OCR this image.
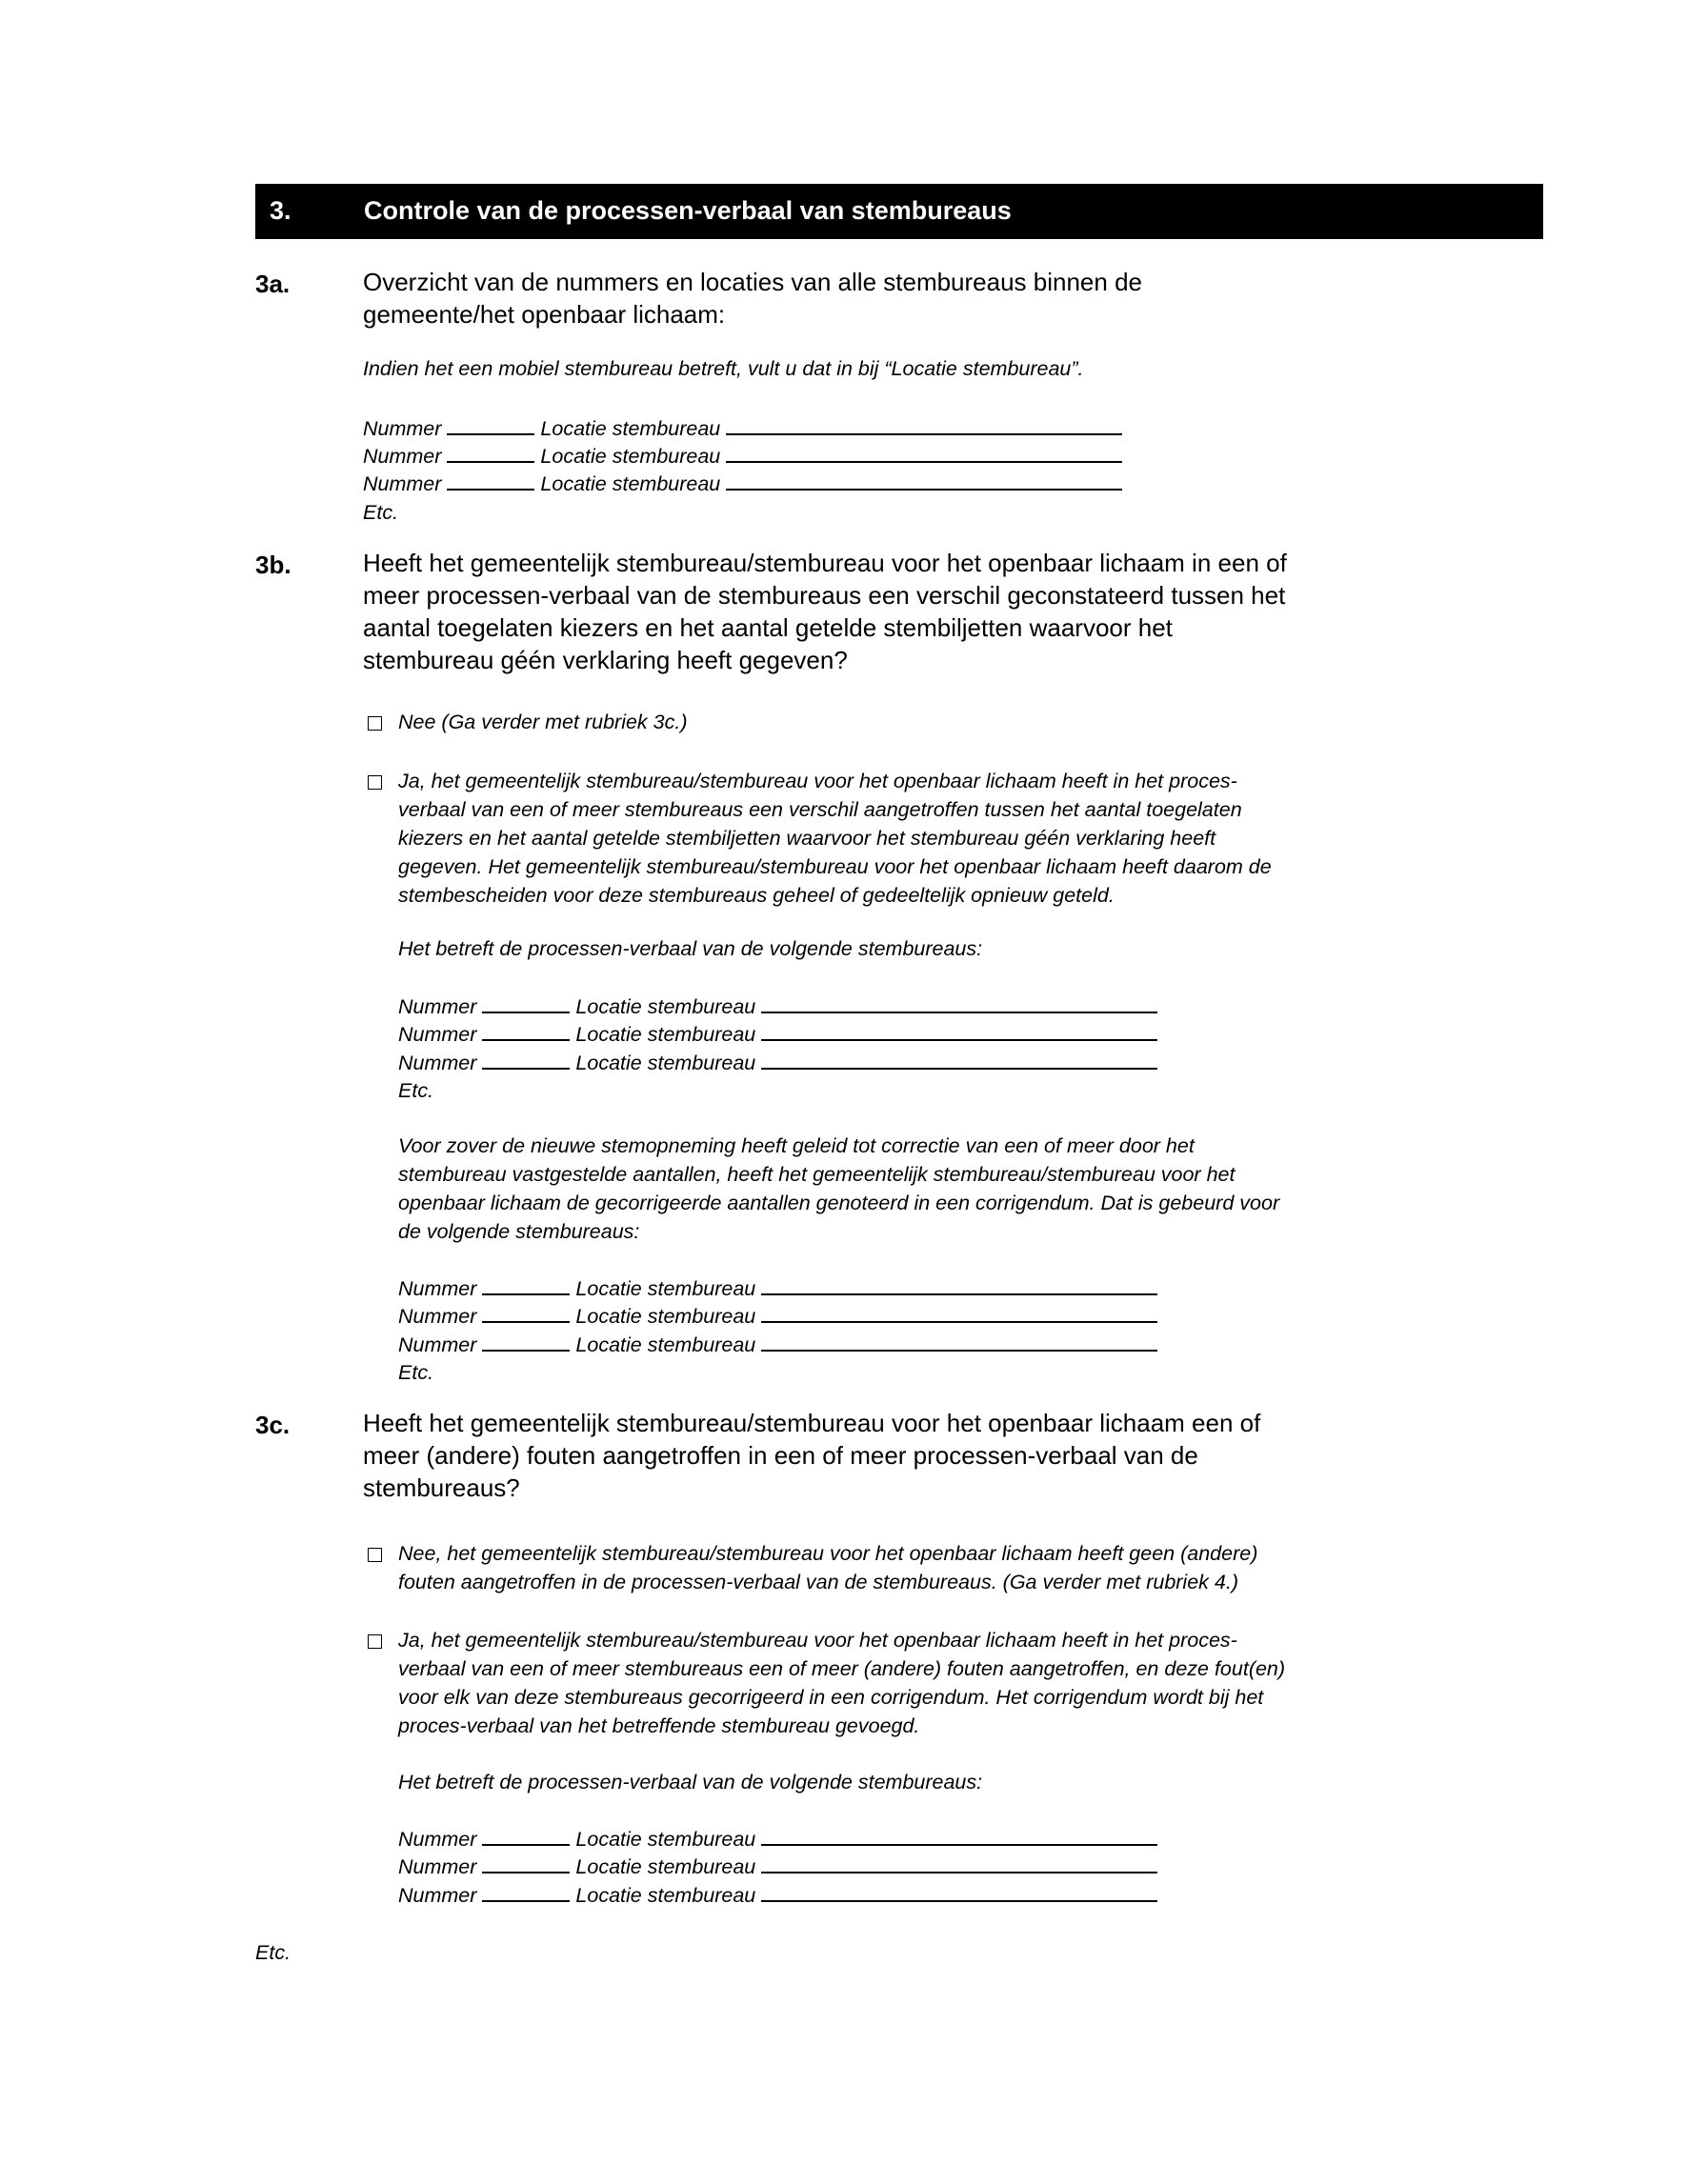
3.	Controle van de processen-verbaal van stembureaus
3a.	Overzicht van de nummers en locaties van alle stembureaus binnen de
gemeente/het openbaar lichaam:
Indien het een mobiel stembureau betreft, vult u dat in bij “Locatie stembureau”.
Nummer	Locatie stembureau
Nummer	Locatie stembureau
Nummer	Locatie stembureau
Etc.
3b.	Heeft het gemeentelijk stembureau/stembureau voor het openbaar lichaam in een of
meer processen-verbaal van de stembureaus een verschil geconstateerd tussen het
aantal toegelaten kiezers en het aantal getelde stembiljetten waarvoor het
stembureau géén verklaring heeft gegeven?
Nee (Ga verder met rubriek 3c.)
Ja, het gemeentelijk stembureau/stembureau voor het openbaar lichaam heeft in het proces-
verbaal van een of meer stembureaus een verschil aangetroffen tussen het aantal toegelaten
kiezers en het aantal getelde stembiljetten waarvoor het stembureau géén verklaring heeft
gegeven. Het gemeentelijk stembureau/stembureau voor het openbaar lichaam heeft daarom de
stembescheiden voor deze stembureaus geheel of gedeeltelijk opnieuw geteld.
Het betreft de processen-verbaal van de volgende stembureaus:
Nummer	Locatie stembureau
Nummer	Locatie stembureau
Nummer	Locatie stembureau
Etc.
Voor zover de nieuwe stemopneming heeft geleid tot correctie van een of meer door het
stembureau vastgestelde aantallen, heeft het gemeentelijk stembureau/stembureau voor het
openbaar lichaam de gecorrigeerde aantallen genoteerd in een corrigendum. Dat is gebeurd voor
de volgende stembureaus:
Nummer	Locatie stembureau
Nummer	Locatie stembureau
Nummer	Locatie stembureau
Etc.
3c.	Heeft het gemeentelijk stembureau/stembureau voor het openbaar lichaam een of
meer (andere) fouten aangetroffen in een of meer processen-verbaal van de
stembureaus?
Nee, het gemeentelijk stembureau/stembureau voor het openbaar lichaam heeft geen (andere)
fouten aangetroffen in de processen-verbaal van de stembureaus. (Ga verder met rubriek 4.)
Ja, het gemeentelijk stembureau/stembureau voor het openbaar lichaam heeft in het proces-
verbaal van een of meer stembureaus een of meer (andere) fouten aangetroffen, en deze fout(en)
voor elk van deze stembureaus gecorrigeerd in een corrigendum. Het corrigendum wordt bij het
proces-verbaal van het betreffende stembureau gevoegd.
Het betreft de processen-verbaal van de volgende stembureaus:
Nummer	Locatie stembureau
Nummer	Locatie stembureau
Nummer	Locatie stembureau
Etc.
